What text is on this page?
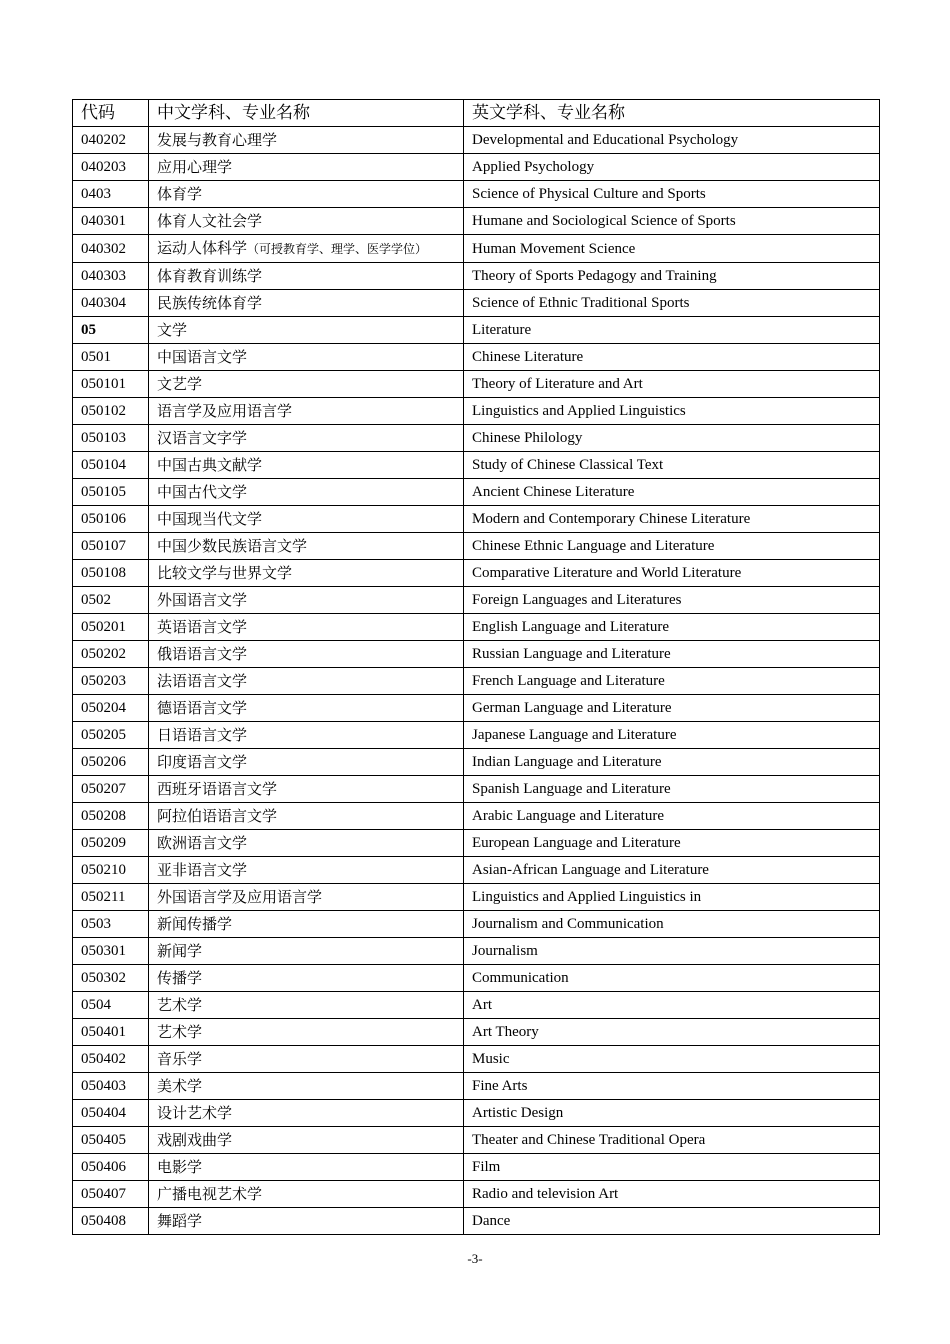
代码	中文学科、专业名称	英文学科、专业名称
040202	发展与教育心理学	Developmental and Educational Psychology
040203	应用心理学	Applied Psychology
0403	体育学	Science of Physical Culture and Sports
040301	体育人文社会学	Humane and Sociological Science of Sports
040302	运动人体科学（可授教育学、理学、医学学位）	Human Movement Science
040303	体育教育训练学	Theory of Sports Pedagogy and Training
040304	民族传统体育学	Science of Ethnic Traditional Sports
05	文学	Literature
0501	中国语言文学	Chinese Literature
050101	文艺学	Theory of Literature and Art
050102	语言学及应用语言学	Linguistics and Applied Linguistics
050103	汉语言文字学	Chinese Philology
050104	中国古典文献学	Study of Chinese Classical Text
050105	中国古代文学	Ancient Chinese Literature
050106	中国现当代文学	Modern and Contemporary Chinese Literature
050107	中国少数民族语言文学	Chinese Ethnic Language and Literature
050108	比较文学与世界文学	Comparative Literature and World Literature
0502	外国语言文学	Foreign Languages and Literatures
050201	英语语言文学	English Language and Literature
050202	俄语语言文学	Russian Language and Literature
050203	法语语言文学	French Language and Literature
050204	德语语言文学	German Language and Literature
050205	日语语言文学	Japanese Language and Literature
050206	印度语言文学	Indian Language and Literature
050207	西班牙语语言文学	Spanish Language and Literature
050208	阿拉伯语语言文学	Arabic Language and Literature
050209	欧洲语言文学	European Language and Literature
050210	亚非语言文学	Asian-African Language and Literature
050211	外国语言学及应用语言学	Linguistics and Applied Linguistics in
0503	新闻传播学	Journalism and Communication
050301	新闻学	Journalism
050302	传播学	Communication
0504	艺术学	Art
050401	艺术学	Art Theory
050402	音乐学	Music
050403	美术学	Fine Arts
050404	设计艺术学	Artistic Design
050405	戏剧戏曲学	Theater and Chinese Traditional Opera
050406	电影学	Film
050407	广播电视艺术学	Radio and television Art
050408	舞蹈学	Dance
-3-
